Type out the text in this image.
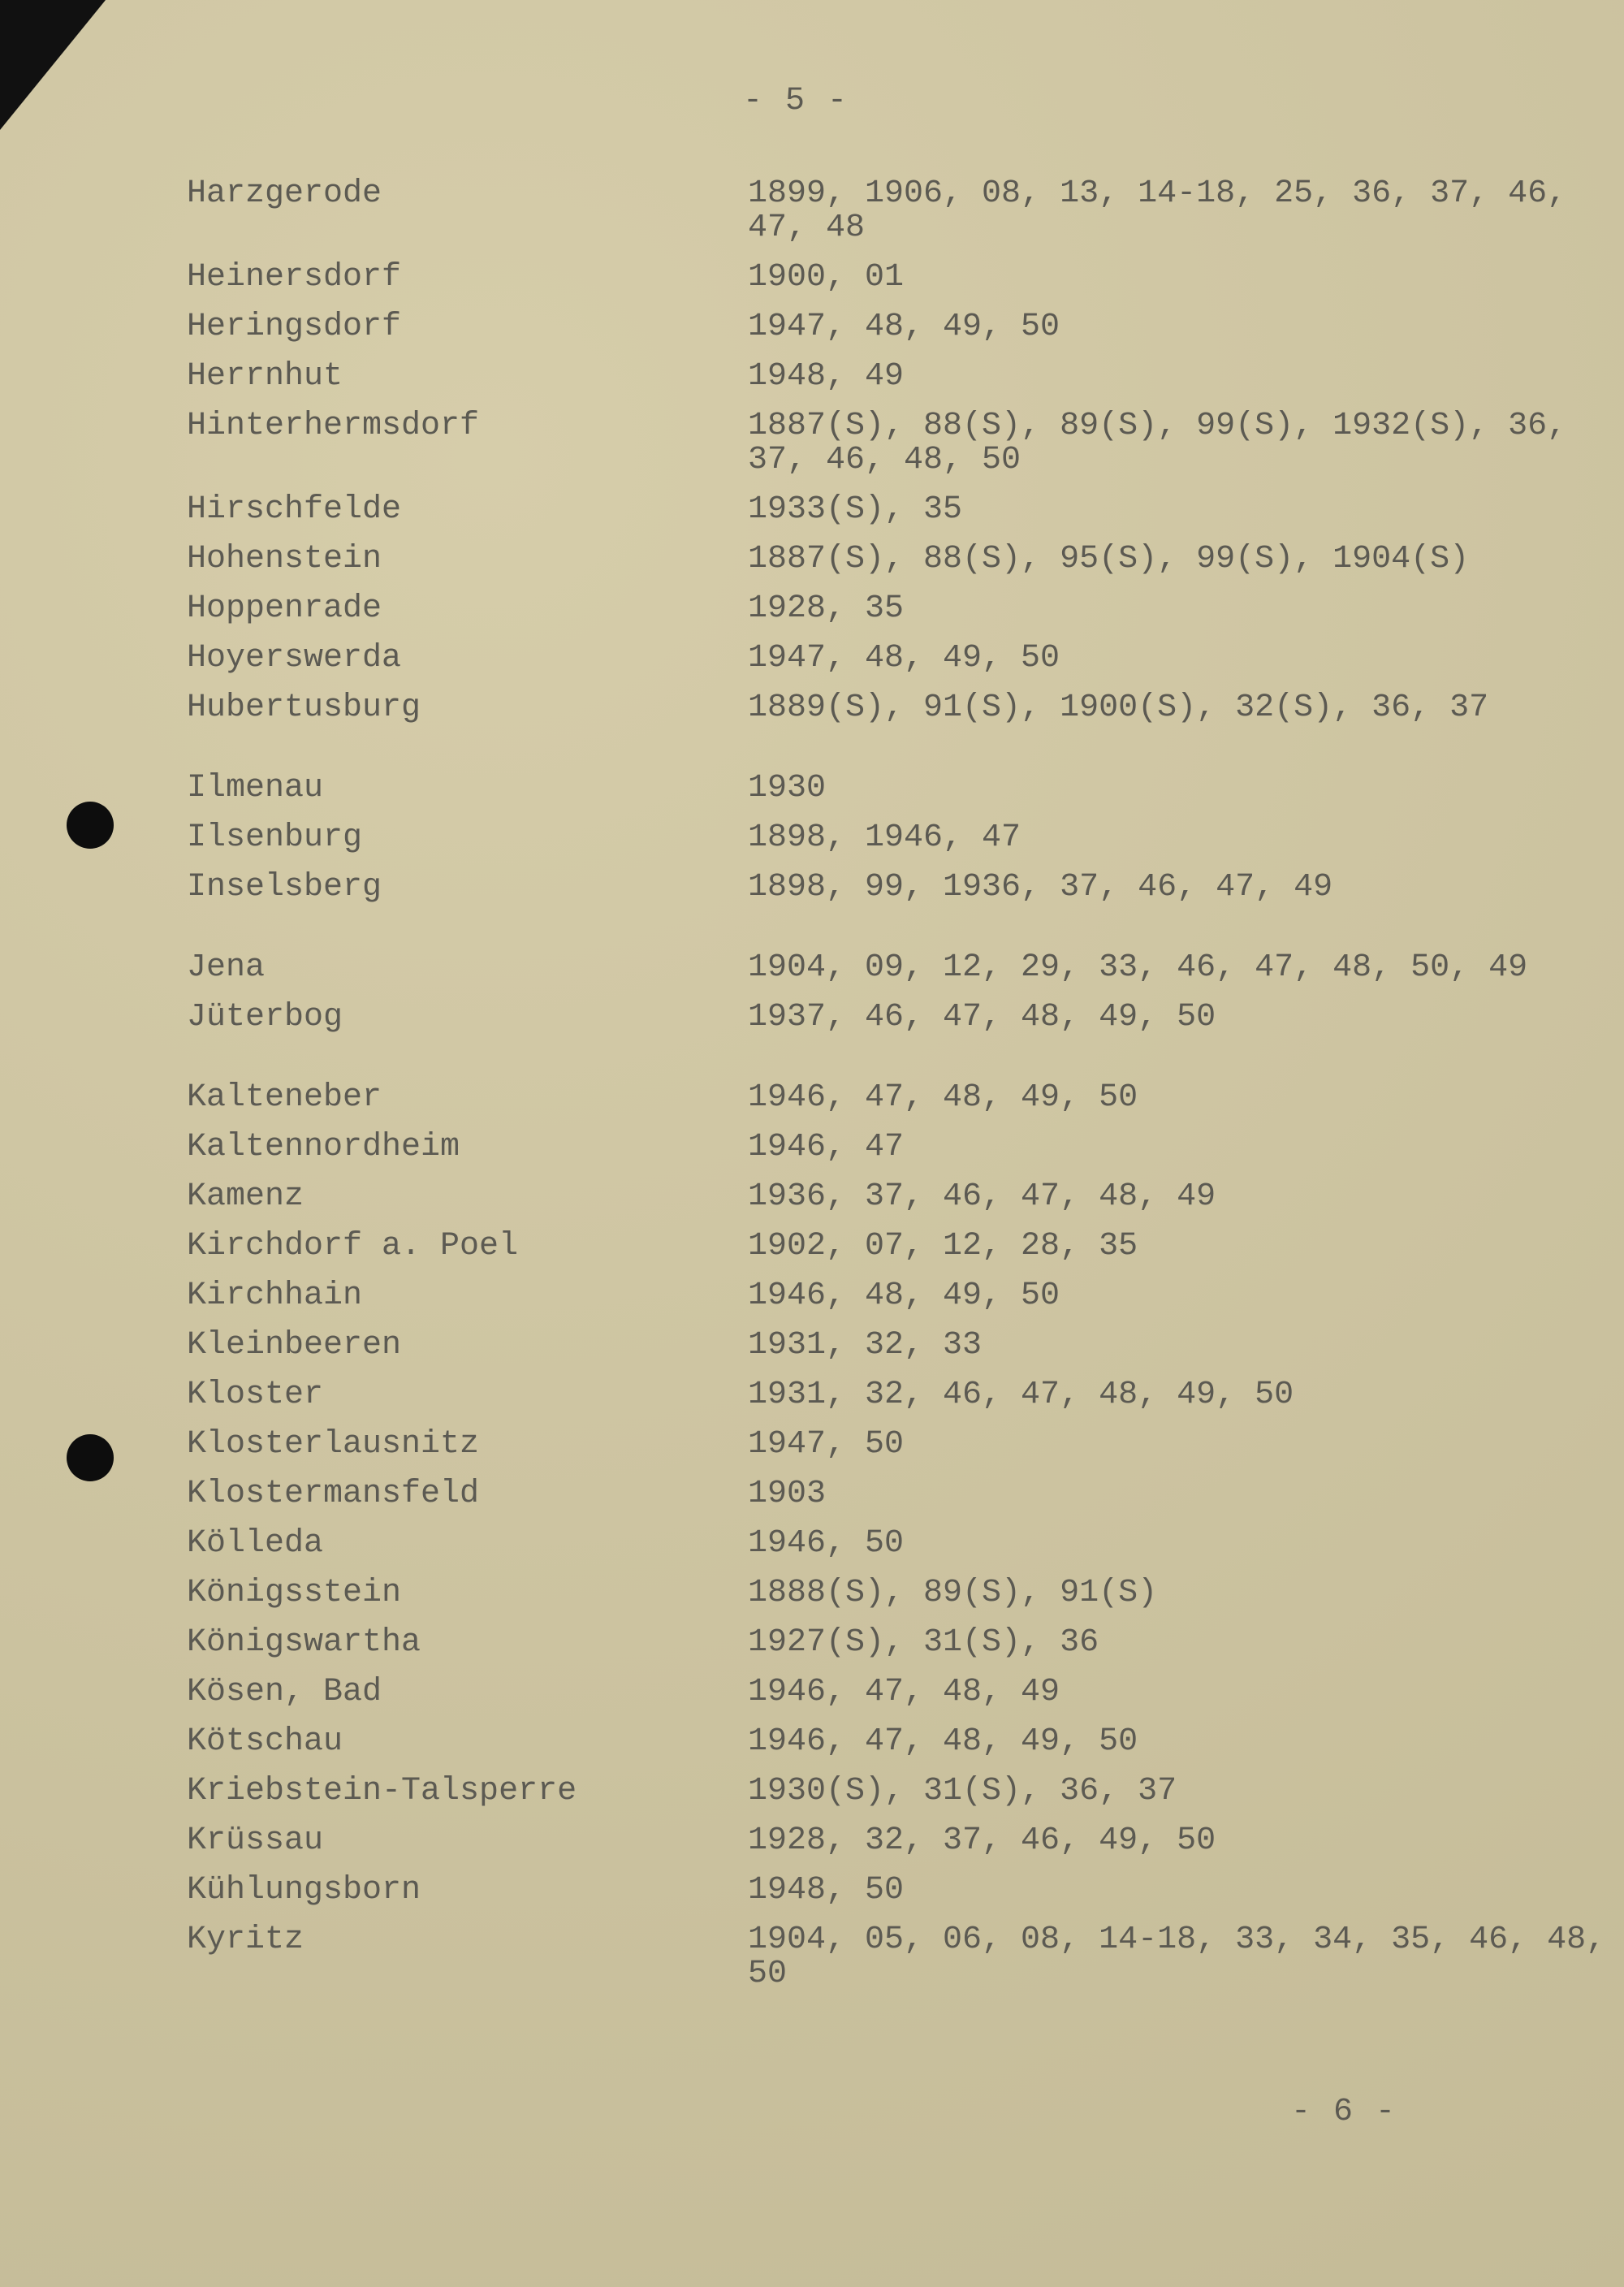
- 5 -
Harzgerode	1899, 1906, 08, 13, 14-18, 25, 36, 37, 46, 47, 48
Heinersdorf	1900, 01
Heringsdorf	1947, 48, 49, 50
Herrnhut	1948, 49
Hinterhermsdorf	1887(S), 88(S), 89(S), 99(S), 1932(S), 36, 37, 46, 48, 50
Hirschfelde	1933(S), 35
Hohenstein	1887(S), 88(S), 95(S), 99(S), 1904(S)
Hoppenrade	1928, 35
Hoyerswerda	1947, 48, 49, 50
Hubertusburg	1889(S), 91(S), 1900(S), 32(S), 36, 37
Ilmenau	1930
Ilsenburg	1898, 1946, 47
Inselsberg	1898, 99, 1936, 37, 46, 47, 49
Jena	1904, 09, 12, 29, 33, 46, 47, 48, 50, 49
Jüterbog	1937, 46, 47, 48, 49, 50
Kalteneber	1946, 47, 48, 49, 50
Kaltennordheim	1946, 47
Kamenz	1936, 37, 46, 47, 48, 49
Kirchdorf a. Poel	1902, 07, 12, 28, 35
Kirchhain	1946, 48, 49, 50
Kleinbeeren	1931, 32, 33
Kloster	1931, 32, 46, 47, 48, 49, 50
Klosterlausnitz	1947, 50
Klostermansfeld	1903
Kölleda	1946, 50
Königsstein	1888(S), 89(S), 91(S)
Königswartha	1927(S), 31(S), 36
Kösen, Bad	1946, 47, 48, 49
Kötschau	1946, 47, 48, 49, 50
Kriebstein-Talsperre	1930(S), 31(S), 36, 37
Krüssau	1928, 32, 37, 46, 49, 50
Kühlungsborn	1948, 50
Kyritz	1904, 05, 06, 08, 14-18, 33, 34, 35, 46, 48, 50
- 6 -
